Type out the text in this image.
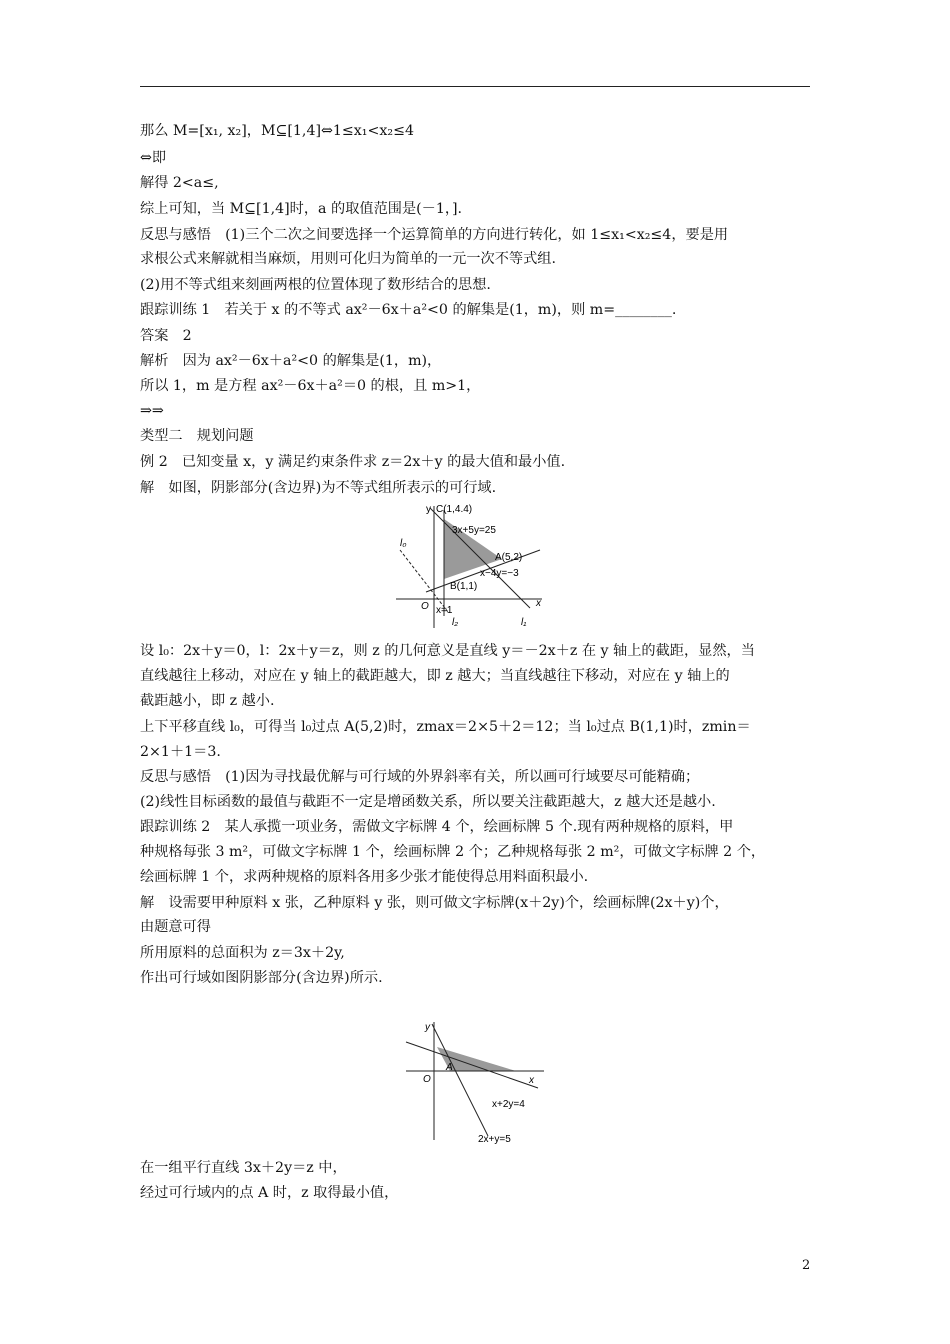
那么 M=[x₁, x₂]，M⊆[1,4]⇔1≤x₁<x₂≤4
⇔即
解得 2<a≤,
综上可知，当 M⊆[1,4]时，a 的取值范围是(－1，].
反思与感悟　(1)三个二次之间要选择一个运算简单的方向进行转化，如 1≤x₁<x₂≤4，要是用
求根公式来解就相当麻烦，用则可化归为简单的一元一次不等式组.
(2)用不等式组来刻画两根的位置体现了数形结合的思想.
跟踪训练 1　若关于 x 的不等式 ax²－6x＋a²<0 的解集是(1，m)，则 m=________.
答案　2
解析　因为 ax²－6x＋a²<0 的解集是(1，m)，
所以 1，m 是方程 ax²－6x＋a²＝0 的根，且 m>1，
⇒⇒
类型二　规划问题
例 2　已知变量 x，y 满足约束条件求 z＝2x＋y 的最大值和最小值.
解　如图，阴影部分(含边界)为不等式组所表示的可行域.
设 l₀：2x＋y＝0，l：2x＋y＝z，则 z 的几何意义是直线 y＝－2x＋z 在 y 轴上的截距，显然，当
直线越往上移动，对应在 y 轴上的截距越大，即 z 越大；当直线越往下移动，对应在 y 轴上的
截距越小，即 z 越小.
上下平移直线 l₀，可得当 l₀过点 A(5,2)时，zmax＝2×5＋2＝12；当 l₀过点 B(1,1)时，zmin＝
2×1＋1＝3.
反思与感悟　(1)因为寻找最优解与可行域的外界斜率有关，所以画可行域要尽可能精确；
(2)线性目标函数的最值与截距不一定是增函数关系，所以要关注截距越大，z 越大还是越小.
跟踪训练 2　某人承揽一项业务，需做文字标牌 4 个，绘画标牌 5 个.现有两种规格的原料，甲
种规格每张 3 m²，可做文字标牌 1 个，绘画标牌 2 个；乙种规格每张 2 m²，可做文字标牌 2 个，
绘画标牌 1 个，求两种规格的原料各用多少张才能使得总用料面积最小.
解　设需要甲种原料 x 张，乙种原料 y 张，则可做文字标牌(x＋2y)个，绘画标牌(2x＋y)个，
由题意可得
所用原料的总面积为 z＝3x＋2y,
作出可行域如图阴影部分(含边界)所示.
在一组平行直线 3x＋2y＝z 中，
经过可行域内的点 A 时，z 取得最小值，
y
x
O
C(1,4.4)
3x+5y=25
A(5,2)
x−4y=−3
B(1,1)
x=1
l₀
l₂	l₁
y
x
O
A
x+2y=4
2x+y=5
2
